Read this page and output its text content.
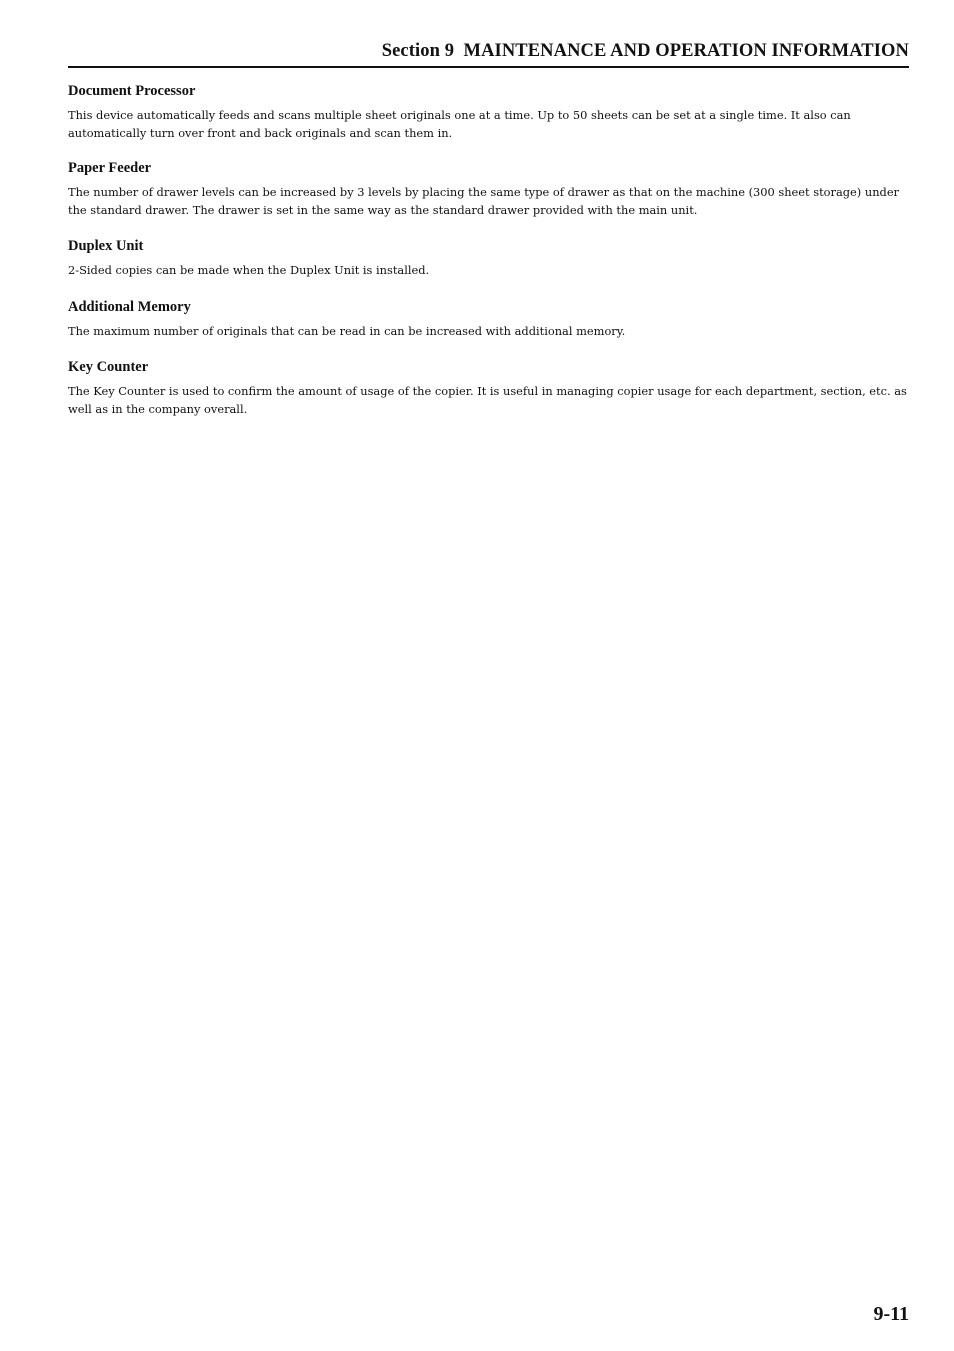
Section 9  MAINTENANCE AND OPERATION INFORMATION
Document Processor

This device automatically feeds and scans multiple sheet originals one at a time. Up to 50 sheets can be set at a single time. It also can automatically turn over front and back originals and scan them in.

Paper Feeder

The number of drawer levels can be increased by 3 levels by placing the same type of drawer as that on the machine (300 sheet storage) under the standard drawer. The drawer is set in the same way as the standard drawer provided with the main unit.

Duplex Unit

2-Sided copies can be made when the Duplex Unit is installed.

Additional Memory

The maximum number of originals that can be read in can be increased with additional memory.

Key Counter

The Key Counter is used to confirm the amount of usage of the copier. It is useful in managing copier usage for each department, section, etc. as well as in the company overall.

9-11
